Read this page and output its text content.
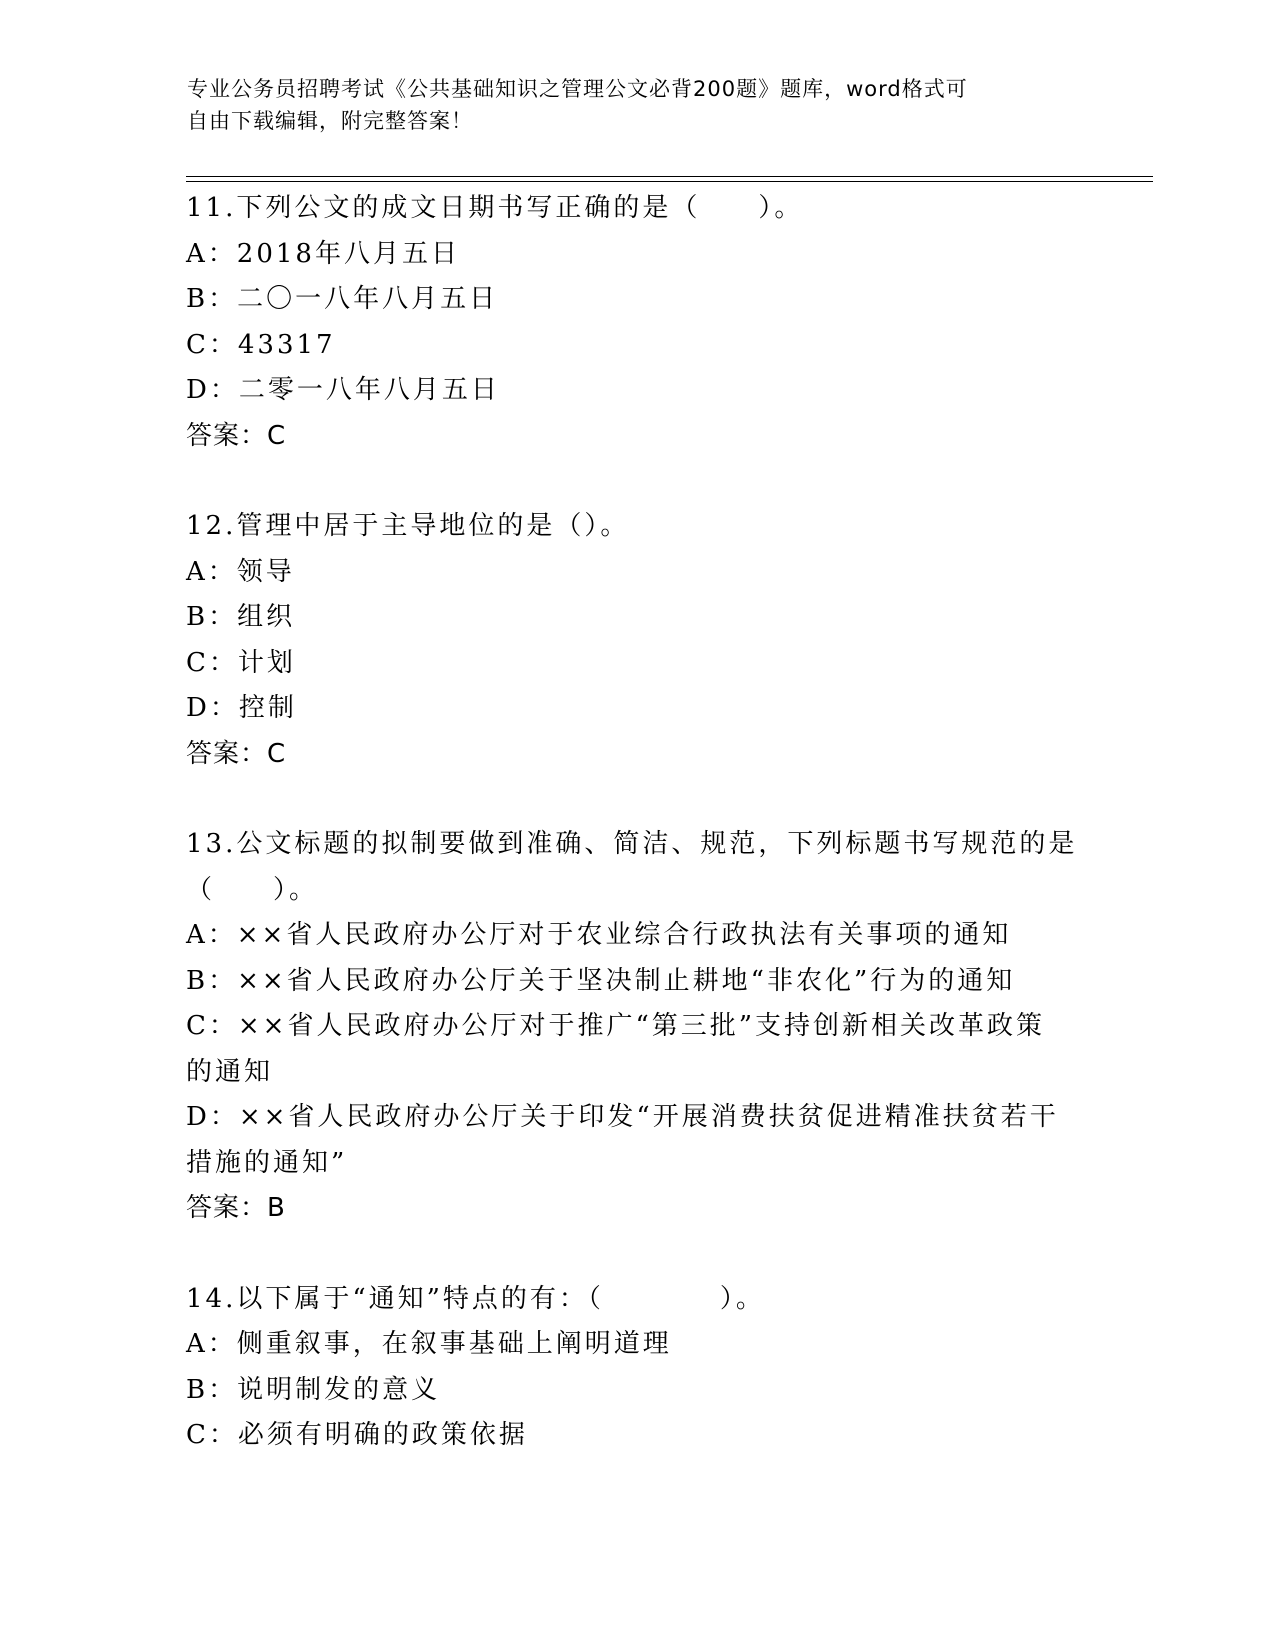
专业公务员招聘考试《公共基础知识之管理公文必背200题》题库，word格式可
自由下载编辑，附完整答案！
11.下列公文的成文日期书写正确的是（　　）。
A：2018年八月五日
B：二〇一八年八月五日
C：43317
D：二零一八年八月五日
答案：C
12.管理中居于主导地位的是（）。
A：领导
B：组织
C：计划
D：控制
答案：C
13.公文标题的拟制要做到准确、简洁、规范，下列标题书写规范的是
（　　）。
A：××省人民政府办公厅对于农业综合行政执法有关事项的通知
B：××省人民政府办公厅关于坚决制止耕地“非农化”行为的通知
C：××省人民政府办公厅对于推广“第三批”支持创新相关改革政策
的通知
D：××省人民政府办公厅关于印发“开展消费扶贫促进精准扶贫若干
措施的通知”
答案：B
14.以下属于“通知”特点的有：（　　　　）。
A：侧重叙事，在叙事基础上阐明道理
B：说明制发的意义
C：必须有明确的政策依据
